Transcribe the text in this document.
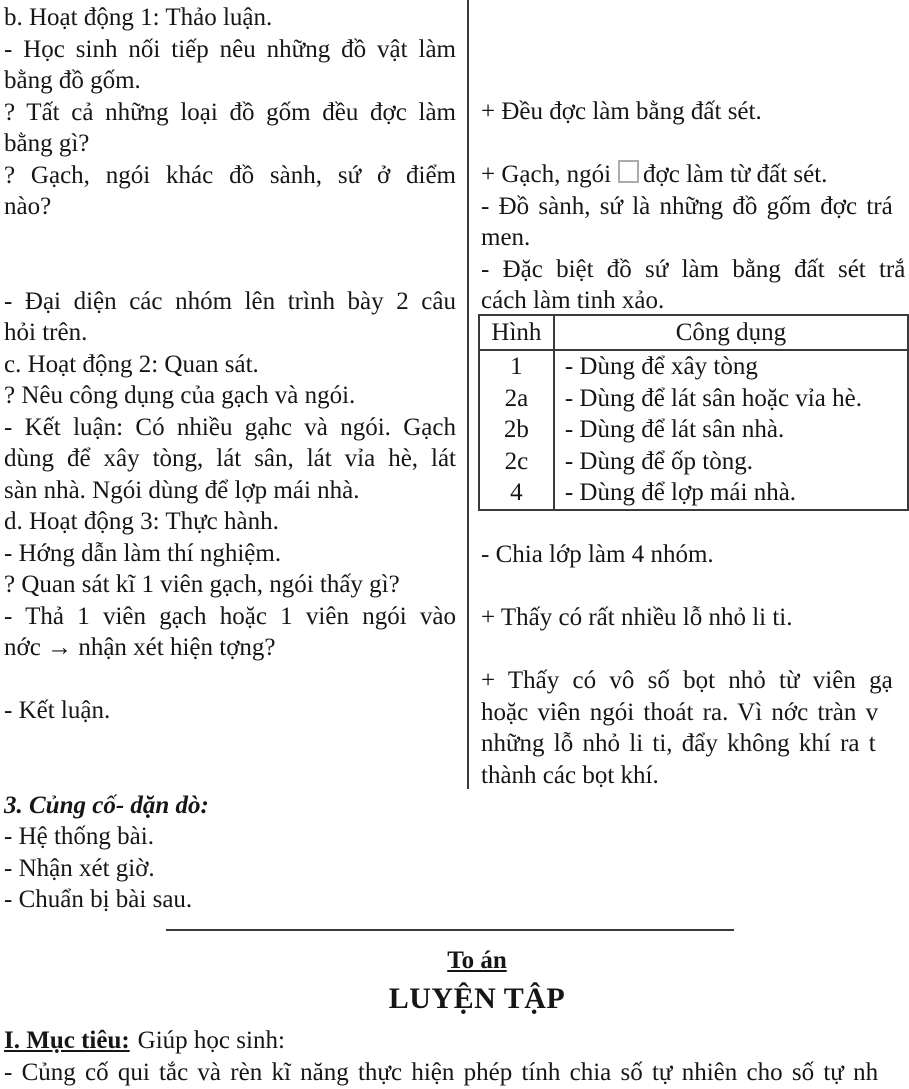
b. Hoạt động 1: Thảo luận.
- Học sinh nối tiếp nêu những đồ vật làm
bằng đồ gốm.
? Tất cả những loại đồ gốm đều đợc làm
bằng gì?
? Gạch, ngói khác đồ sành, sứ ở điểm
nào?
- Đại diện các nhóm lên trình bày 2 câu
hỏi trên.
c. Hoạt động 2: Quan sát.
? Nêu công dụng của gạch và ngói.
- Kết luận: Có nhiều gạhc và ngói. Gạch
dùng để xây tòng, lát sân, lát vỉa hè, lát
sàn nhà. Ngói dùng để lợp mái nhà.
d. Hoạt động 3: Thực hành.
- Hớng dẫn làm thí nghiệm.
? Quan sát kĩ 1 viên gạch, ngói thấy gì?
- Thả 1 viên gạch hoặc 1 viên ngói vào
nớc → nhận xét hiện tợng?
- Kết luận.
3. Củng cố- dặn dò:
- Hệ thống bài.
- Nhận xét giờ.
- Chuẩn bị bài sau.
+ Đều đợc làm bằng đất sét.
+ Gạch, ngói đợc làm từ đất sét.
- Đồ sành, sứ là những đồ gốm đợc trá
men.
- Đặc biệt đồ sứ làm bằng đất sét trắ
cách làm tinh xảo.
Hình	Công dụng
1	- Dùng để xây tòng
2a	- Dùng để lát sân hoặc vỉa hè.
2b	- Dùng để lát sân nhà.
2c	- Dùng để ốp tòng.
4	- Dùng để lợp mái nhà.
- Chia lớp làm 4 nhóm.
+ Thấy có rất nhiều lỗ nhỏ li ti.
+ Thấy có vô số bọt nhỏ từ viên gạ
hoặc viên ngói thoát ra. Vì nớc tràn v
những lỗ nhỏ li ti, đẩy không khí ra t
thành các bọt khí.
To án
LUYỆN TẬP
I. Mục tiêu: Giúp học sinh:
- Củng cố qui tắc và rèn kĩ năng thực hiện phép tính chia số tự nhiên cho số tự nh
